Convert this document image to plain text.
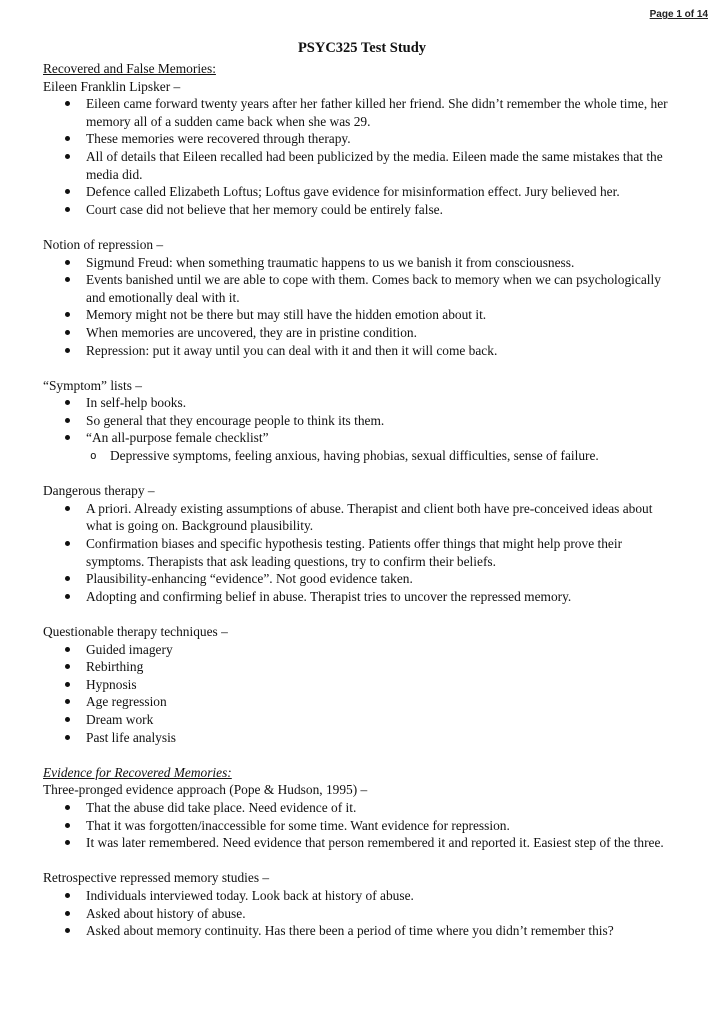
Page 1 of 14
PSYC325 Test Study

Recovered and False Memories:

Eileen Franklin Lipsker –

Eileen came forward twenty years after her father killed her friend. She didn’t remember the whole time, her memory all of a sudden came back when she was 29.
These memories were recovered through therapy.
All of details that Eileen recalled had been publicized by the media. Eileen made the same mistakes that the media did.
Defence called Elizabeth Loftus; Loftus gave evidence for misinformation effect. Jury believed her.
Court case did not believe that her memory could be entirely false.

Notion of repression –

Sigmund Freud: when something traumatic happens to us we banish it from consciousness.
Events banished until we are able to cope with them. Comes back to memory when we can psychologically and emotionally deal with it.
Memory might not be there but may still have the hidden emotion about it.
When memories are uncovered, they are in pristine condition.
Repression: put it away until you can deal with it and then it will come back.

“Symptom” lists –

In self-help books.
So general that they encourage people to think its them.
“An all-purpose female checklist”
o Depressive symptoms, feeling anxious, having phobias, sexual difficulties, sense of failure.

Dangerous therapy –

A priori. Already existing assumptions of abuse. Therapist and client both have pre-conceived ideas about what is going on. Background plausibility.
Confirmation biases and specific hypothesis testing. Patients offer things that might help prove their symptoms. Therapists that ask leading questions, try to confirm their beliefs.
Plausibility-enhancing “evidence”. Not good evidence taken.
Adopting and confirming belief in abuse. Therapist tries to uncover the repressed memory.

Questionable therapy techniques –

Guided imagery
Rebirthing
Hypnosis
Age regression
Dream work
Past life analysis

Evidence for Recovered Memories:

Three-pronged evidence approach (Pope & Hudson, 1995) –

That the abuse did take place. Need evidence of it.
That it was forgotten/inaccessible for some time. Want evidence for repression.
It was later remembered. Need evidence that person remembered it and reported it. Easiest step of the three.

Retrospective repressed memory studies –

Individuals interviewed today. Look back at history of abuse.
Asked about history of abuse.
Asked about memory continuity. Has there been a period of time where you didn’t remember this?
